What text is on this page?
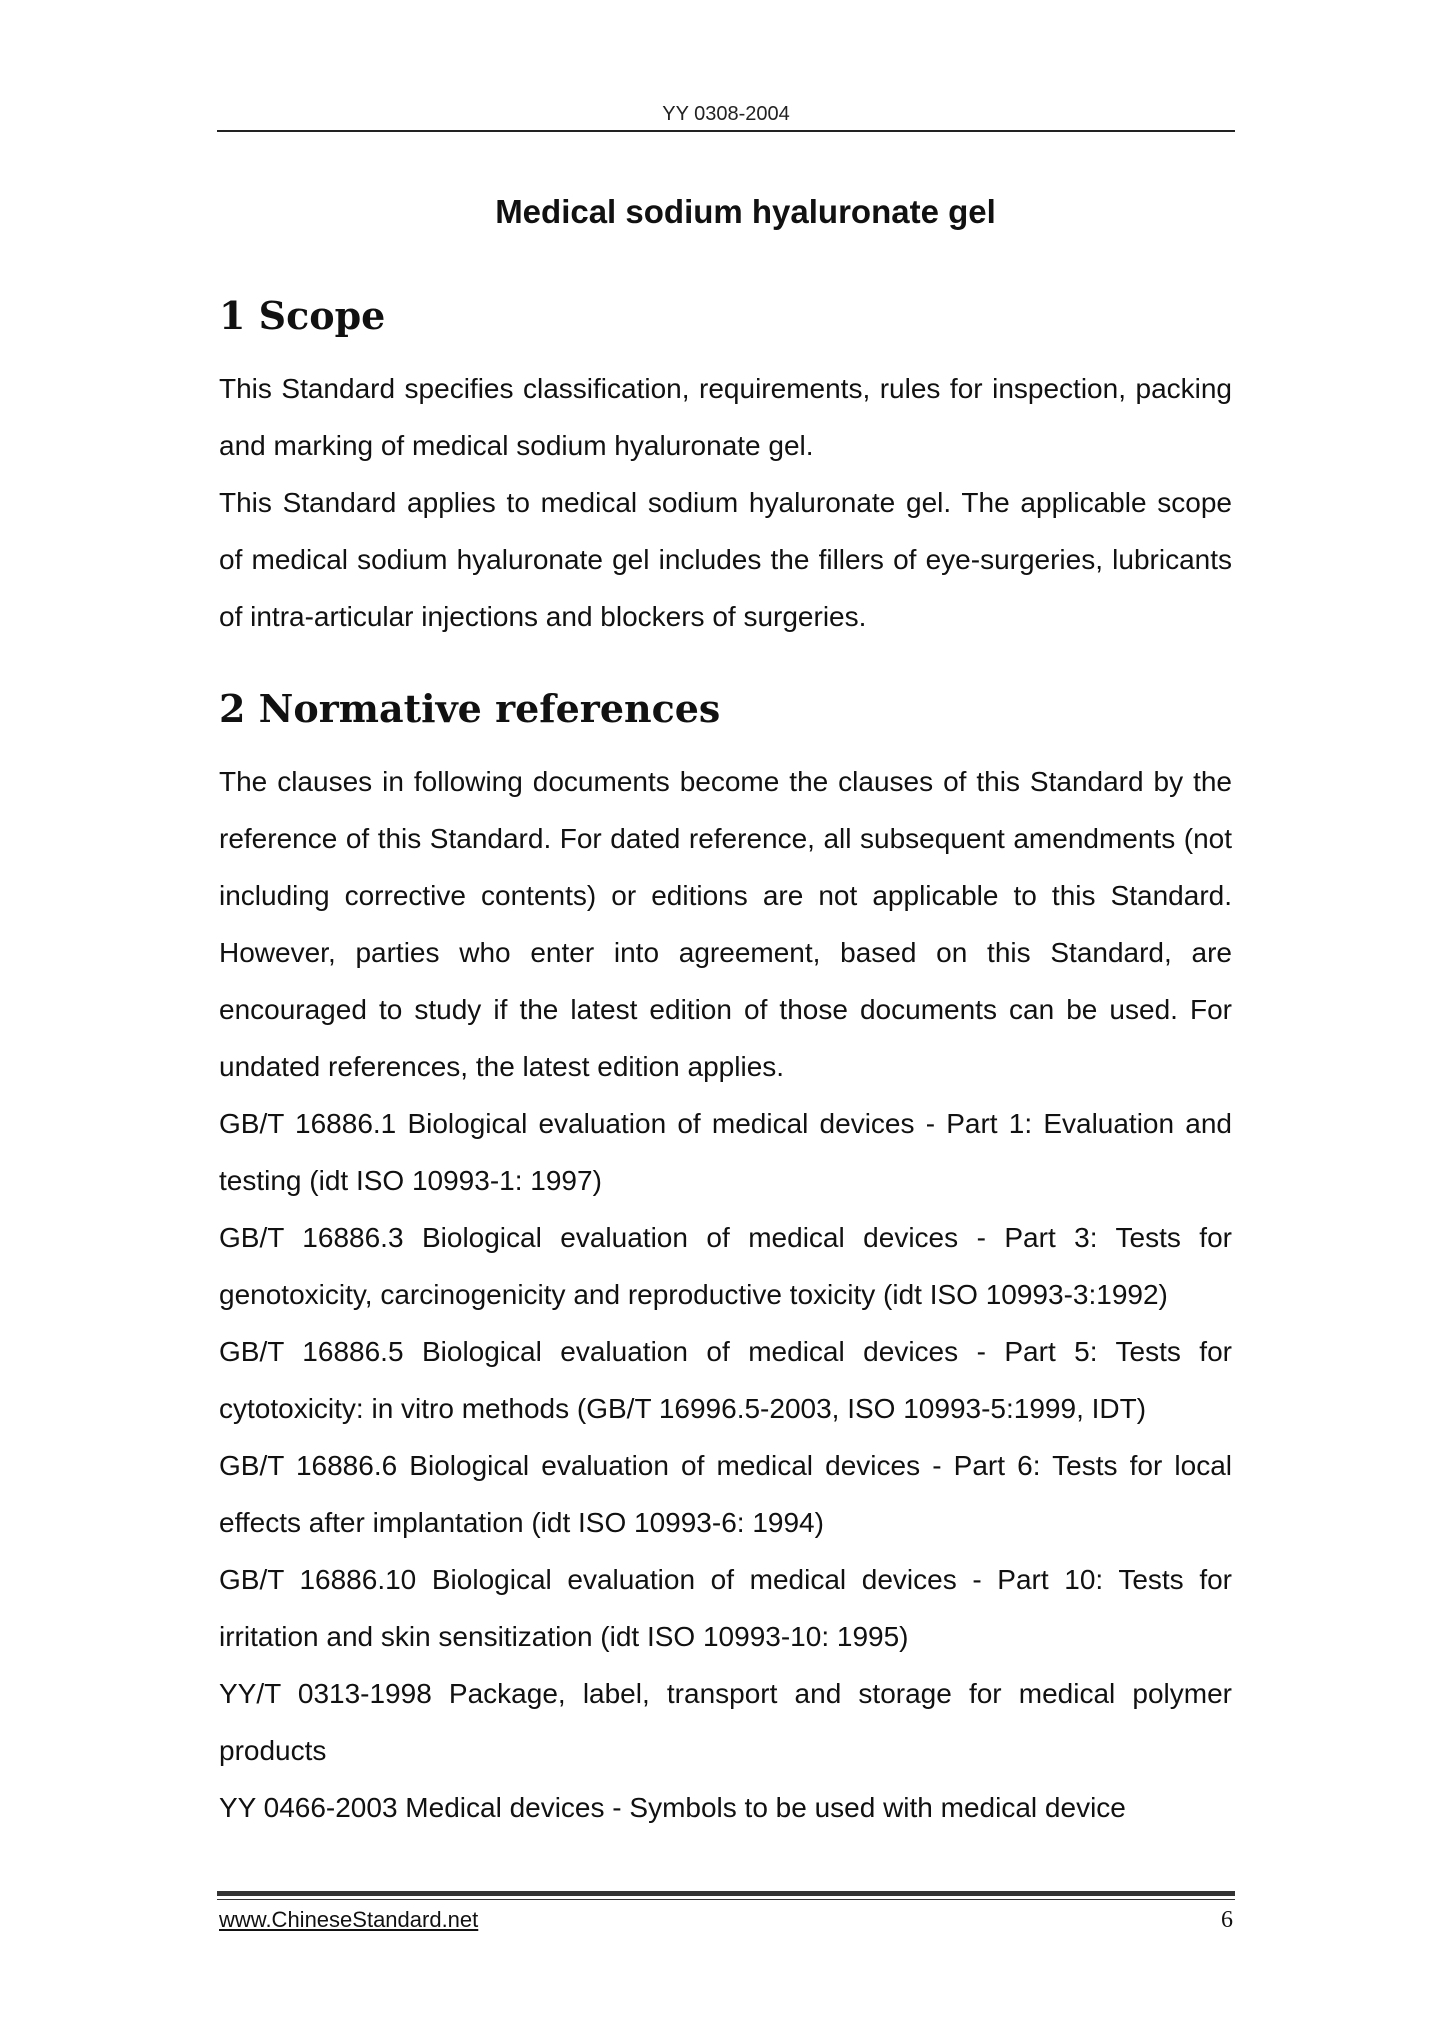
YY 0308-2004
Medical sodium hyaluronate gel
1 Scope

This Standard specifies classification, requirements, rules for inspection, packing and marking of medical sodium hyaluronate gel.

This Standard applies to medical sodium hyaluronate gel. The applicable scope of medical sodium hyaluronate gel includes the fillers of eye-surgeries, lubricants of intra-articular injections and blockers of surgeries.

2 Normative references

The clauses in following documents become the clauses of this Standard by the reference of this Standard. For dated reference, all subsequent amendments (not including corrective contents) or editions are not applicable to this Standard. However, parties who enter into agreement, based on this Standard, are encouraged to study if the latest edition of those documents can be used. For undated references, the latest edition applies.

GB/T 16886.1 Biological evaluation of medical devices - Part 1: Evaluation and testing (idt ISO 10993-1: 1997)

GB/T 16886.3 Biological evaluation of medical devices - Part 3: Tests for genotoxicity, carcinogenicity and reproductive toxicity (idt ISO 10993-3:1992)

GB/T 16886.5 Biological evaluation of medical devices - Part 5: Tests for cytotoxicity: in vitro methods (GB/T 16996.5-2003, ISO 10993-5:1999, IDT)

GB/T 16886.6 Biological evaluation of medical devices - Part 6: Tests for local effects after implantation (idt ISO 10993-6: 1994)

GB/T 16886.10 Biological evaluation of medical devices - Part 10: Tests for irritation and skin sensitization (idt ISO 10993-10: 1995)

YY/T 0313-1998 Package, label, transport and storage for medical polymer products

YY 0466-2003 Medical devices - Symbols to be used with medical device

www.ChineseStandard.net	6
